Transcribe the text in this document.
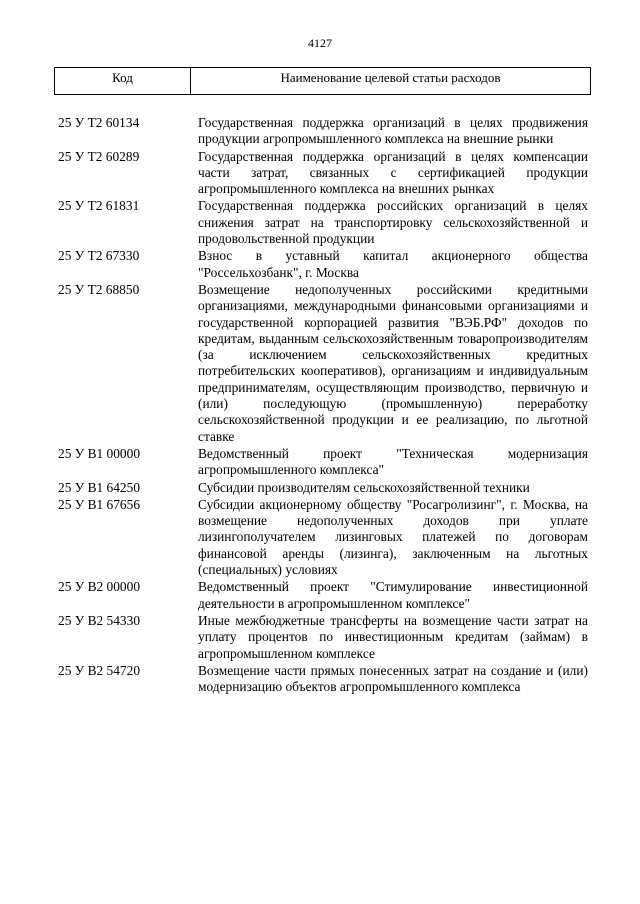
4127
Код	Наименование целевой статьи расходов
25 У Т2 60134	Государственная поддержка организаций в целях продвижения продукции агропромышленного комплекса на внешние рынки
25 У Т2 60289	Государственная поддержка организаций в целях компенсации части затрат, связанных с сертификацией продукции агропромышленного комплекса на внешних рынках
25 У Т2 61831	Государственная поддержка российских организаций в целях снижения затрат на транспортировку сельскохозяйственной и продовольственной продукции
25 У Т2 67330	Взнос в уставный капитал акционерного общества "Россельхозбанк", г. Москва
25 У Т2 68850	Возмещение недополученных российскими кредитными организациями, международными финансовыми организациями и государственной корпорацией развития "ВЭБ.РФ" доходов по кредитам, выданным сельскохозяйственным товаропроизводителям (за исключением сельскохозяйственных кредитных потребительских кооперативов), организациям и индивидуальным предпринимателям, осуществляющим производство, первичную и (или) последующую (промышленную) переработку сельскохозяйственной продукции и ее реализацию, по льготной ставке
25 У В1 00000	Ведомственный проект "Техническая модернизация агропромышленного комплекса"
25 У В1 64250	Субсидии производителям сельскохозяйственной техники
25 У В1 67656	Субсидии акционерному обществу "Росагролизинг", г. Москва, на возмещение недополученных доходов при уплате лизингополучателем лизинговых платежей по договорам финансовой аренды (лизинга), заключенным на льготных (специальных) условиях
25 У В2 00000	Ведомственный проект "Стимулирование инвестиционной деятельности в агропромышленном комплексе"
25 У В2 54330	Иные межбюджетные трансферты на возмещение части затрат на уплату процентов по инвестиционным кредитам (займам) в агропромышленном комплексе
25 У В2 54720	Возмещение части прямых понесенных затрат на создание и (или) модернизацию объектов агропромышленного комплекса
